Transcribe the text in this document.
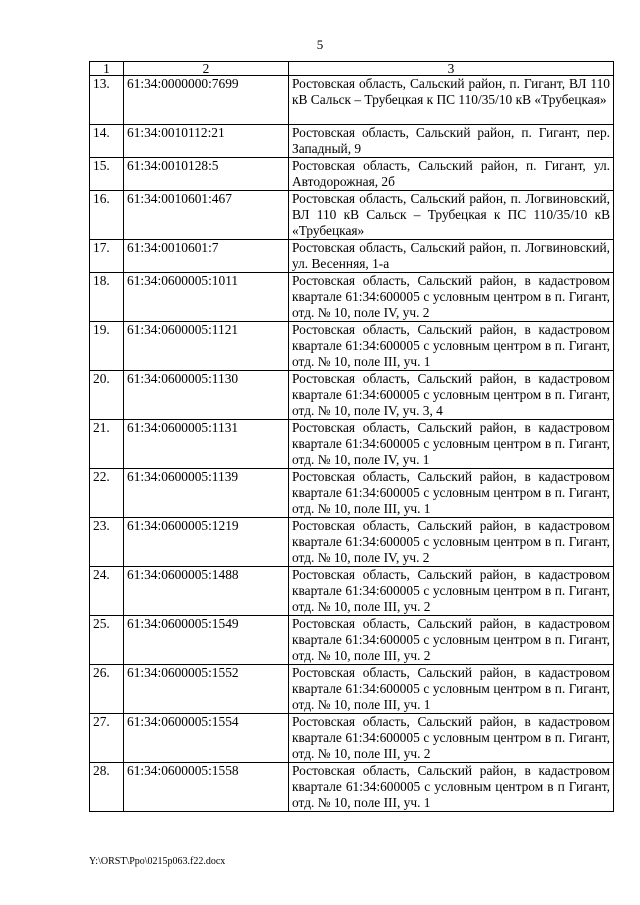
5
1	2	3
13.	61:34:0000000:7699	Ростовская область, Сальский район, п. Гигант, ВЛ 110 кВ Сальск – Трубецкая к ПС 110/35/10 кВ «Трубецкая»
14.	61:34:0010112:21	Ростовская область, Сальский район, п. Гигант, пер. Западный, 9
15.	61:34:0010128:5	Ростовская область, Сальский район, п. Гигант, ул. Автодорожная, 2б
16.	61:34:0010601:467	Ростовская область, Сальский район, п. Логвиновский, ВЛ 110 кВ Сальск – Трубецкая к ПС 110/35/10 кВ «Трубецкая»
17.	61:34:0010601:7	Ростовская область, Сальский район, п. Логвиновский, ул. Весенняя, 1-а
18.	61:34:0600005:1011	Ростовская область, Сальский район, в кадастровом квартале 61:34:600005 с условным центром в п. Гигант, отд. № 10, поле IV, уч. 2
19.	61:34:0600005:1121	Ростовская область, Сальский район, в кадастровом квартале 61:34:600005 с условным центром в п. Гигант, отд. № 10, поле III, уч. 1
20.	61:34:0600005:1130	Ростовская область, Сальский район, в кадастровом квартале 61:34:600005 с условным центром в п. Гигант, отд. № 10, поле IV, уч. 3, 4
21.	61:34:0600005:1131	Ростовская область, Сальский район, в кадастровом квартале 61:34:600005 с условным центром в п. Гигант, отд. № 10, поле IV, уч. 1
22.	61:34:0600005:1139	Ростовская область, Сальский район, в кадастровом квартале 61:34:600005 с условным центром в п. Гигант, отд. № 10, поле III, уч. 1
23.	61:34:0600005:1219	Ростовская область, Сальский район, в кадастровом квартале 61:34:600005 с условным центром в п. Гигант, отд. № 10, поле IV, уч. 2
24.	61:34:0600005:1488	Ростовская область, Сальский район, в кадастровом квартале 61:34:600005 с условным центром в п. Гигант, отд. № 10, поле III, уч. 2
25.	61:34:0600005:1549	Ростовская область, Сальский район, в кадастровом квартале 61:34:600005 с условным центром в п. Гигант, отд. № 10, поле III, уч. 2
26.	61:34:0600005:1552	Ростовская область, Сальский район, в кадастровом квартале 61:34:600005 с условным центром в п. Гигант, отд. № 10, поле III, уч. 1
27.	61:34:0600005:1554	Ростовская область, Сальский район, в кадастровом квартале 61:34:600005 с условным центром в п. Гигант, отд. № 10, поле III, уч. 2
28.	61:34:0600005:1558	Ростовская область, Сальский район, в кадастровом квартале 61:34:600005 с условным центром в п Гигант, отд. № 10, поле III, уч. 1
Y:\ORST\Ppo\0215p063.f22.docx
